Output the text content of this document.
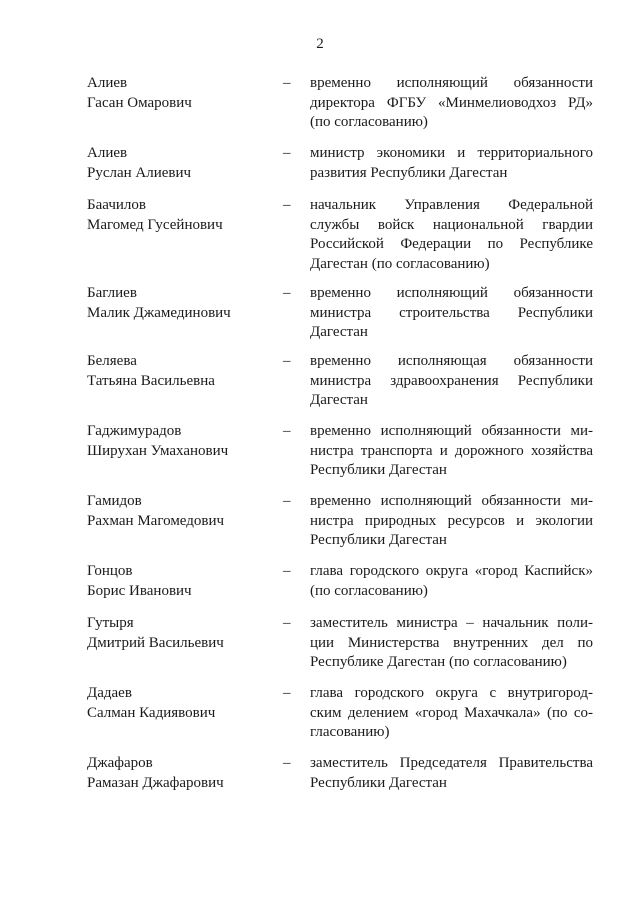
2
Алиев
Гасан Омарович
– временно исполняющий обязанности
директора ФГБУ «Минмелиоводхоз РД»
(по согласованию)
Алиев
Руслан Алиевич
– министр экономики и территориального
развития Республики Дагестан
Баачилов
Магомед Гусейнович
– начальник Управления Федеральной
службы войск национальной гвардии
Российской Федерации по Республике
Дагестан (по согласованию)
Баглиев
Малик Джамединович
– временно исполняющий обязанности
министра строительства Республики
Дагестан
Беляева
Татьяна Васильевна
– временно исполняющая обязанности
министра здравоохранения Республики
Дагестан
Гаджимурадов
Ширухан Умаханович
– временно исполняющий обязанности ми-
нистра транспорта и дорожного хозяйства
Республики Дагестан
Гамидов
Рахман Магомедович
– временно исполняющий обязанности ми-
нистра природных ресурсов и экологии
Республики Дагестан
Гонцов
Борис Иванович
– глава городского округа «город Каспийск»
(по согласованию)
Гутыря
Дмитрий Васильевич
– заместитель министра – начальник поли-
ции Министерства внутренних дел по
Республике Дагестан (по согласованию)
Дадаев
Салман Кадиявович
– глава городского округа с внутригород-
ским делением «город Махачкала» (по со-
гласованию)
Джафаров
Рамазан Джафарович
– заместитель Председателя Правительства
Республики Дагестан
